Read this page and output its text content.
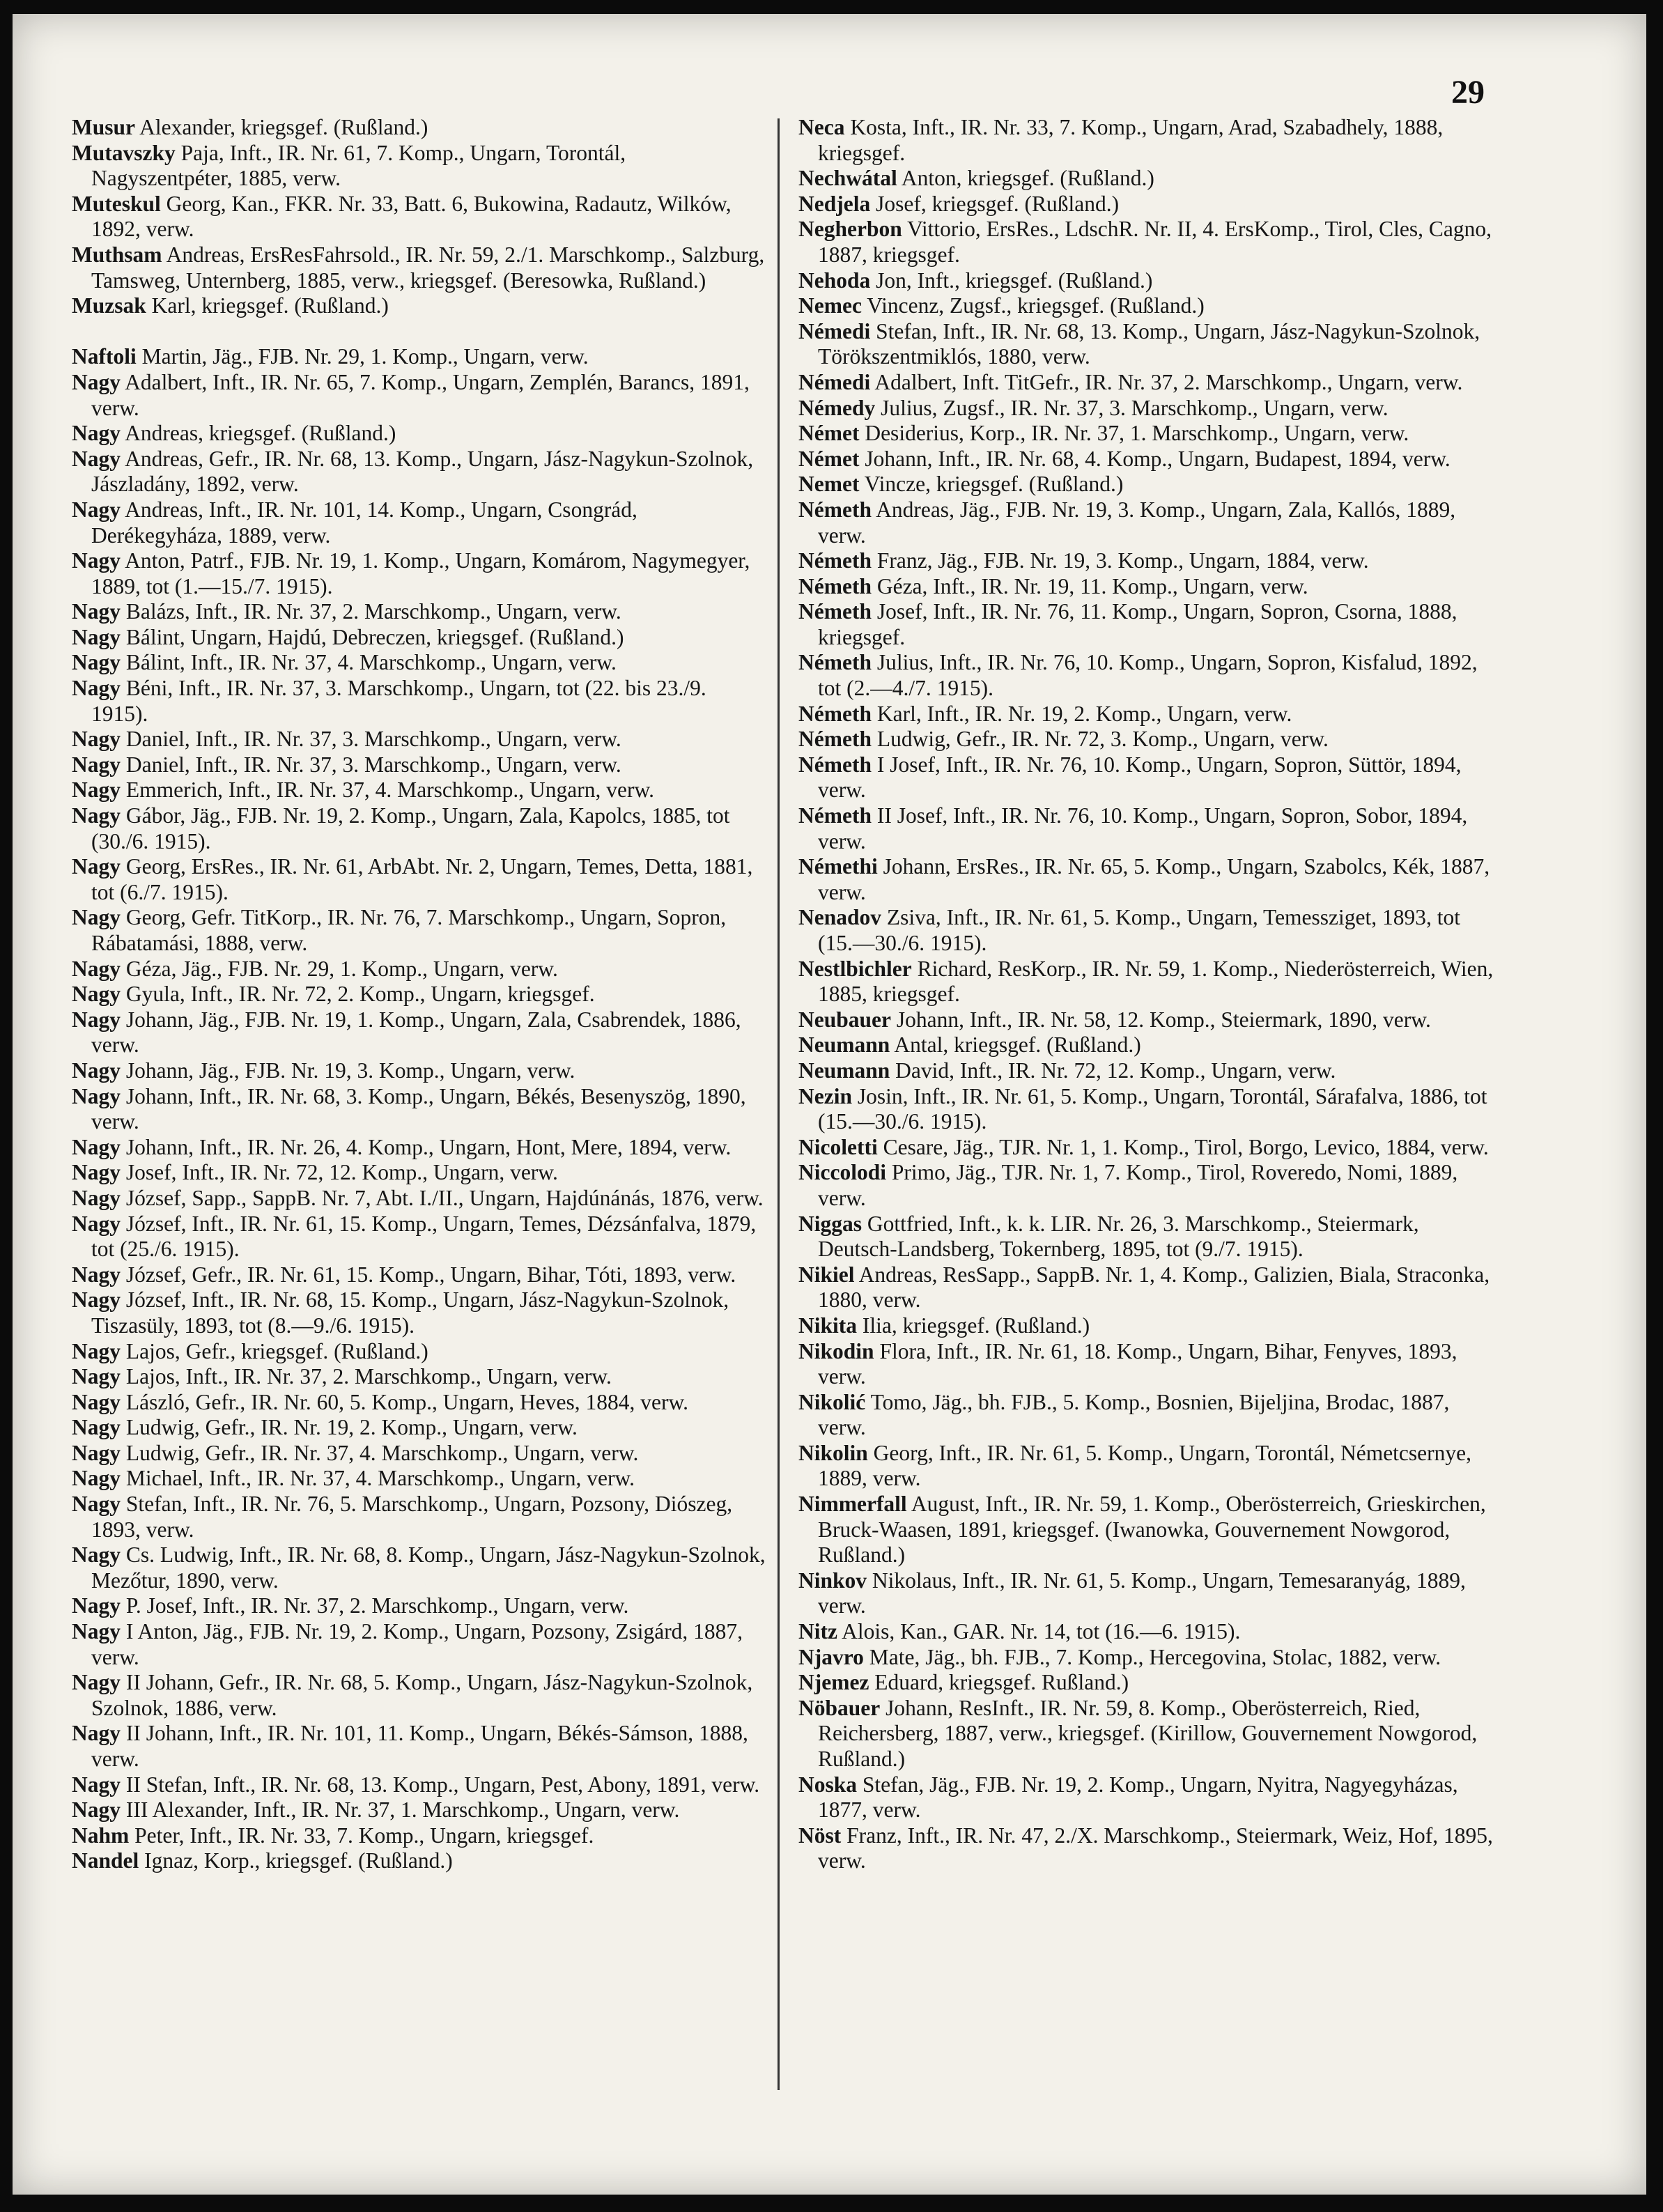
29

Musur Alexander, kriegsgef. (Rußland.)

Mutavszky Paja, Inft., IR. Nr. 61, 7. Komp., Ungarn, Torontál, Nagyszentpéter, 1885, verw.

Muteskul Georg, Kan., FKR. Nr. 33, Batt. 6, Bukowina, Radautz, Wilków, 1892, verw.

Muthsam Andreas, ErsResFahrsold., IR. Nr. 59, 2./1. Marschkomp., Salzburg, Tamsweg, Unternberg, 1885, verw., kriegsgef. (Beresowka, Rußland.)

Muzsak Karl, kriegsgef. (Rußland.)

Naftoli Martin, Jäg., FJB. Nr. 29, 1. Komp., Ungarn, verw.

Nagy Adalbert, Inft., IR. Nr. 65, 7. Komp., Ungarn, Zemplén, Barancs, 1891, verw.

Nagy Andreas, kriegsgef. (Rußland.)

Nagy Andreas, Gefr., IR. Nr. 68, 13. Komp., Ungarn, Jász-Nagykun-Szolnok, Jászladány, 1892, verw.

Nagy Andreas, Inft., IR. Nr. 101, 14. Komp., Ungarn, Csongrád, Derékegyháza, 1889, verw.

Nagy Anton, Patrf., FJB. Nr. 19, 1. Komp., Ungarn, Komárom, Nagymegyer, 1889, tot (1.—15./7. 1915).

Nagy Balázs, Inft., IR. Nr. 37, 2. Marschkomp., Ungarn, verw.

Nagy Bálint, Ungarn, Hajdú, Debreczen, kriegsgef. (Rußland.)

Nagy Bálint, Inft., IR. Nr. 37, 4. Marschkomp., Ungarn, verw.

Nagy Béni, Inft., IR. Nr. 37, 3. Marschkomp., Ungarn, tot (22. bis 23./9. 1915).

Nagy Daniel, Inft., IR. Nr. 37, 3. Marschkomp., Ungarn, verw.

Nagy Daniel, Inft., IR. Nr. 37, 3. Marschkomp., Ungarn, verw.

Nagy Emmerich, Inft., IR. Nr. 37, 4. Marschkomp., Ungarn, verw.

Nagy Gábor, Jäg., FJB. Nr. 19, 2. Komp., Ungarn, Zala, Kapolcs, 1885, tot (30./6. 1915).

Nagy Georg, ErsRes., IR. Nr. 61, ArbAbt. Nr. 2, Ungarn, Temes, Detta, 1881, tot (6./7. 1915).

Nagy Georg, Gefr. TitKorp., IR. Nr. 76, 7. Marschkomp., Ungarn, Sopron, Rábatamási, 1888, verw.

Nagy Géza, Jäg., FJB. Nr. 29, 1. Komp., Ungarn, verw.

Nagy Gyula, Inft., IR. Nr. 72, 2. Komp., Ungarn, kriegsgef.

Nagy Johann, Jäg., FJB. Nr. 19, 1. Komp., Ungarn, Zala, Csabrendek, 1886, verw.

Nagy Johann, Jäg., FJB. Nr. 19, 3. Komp., Ungarn, verw.

Nagy Johann, Inft., IR. Nr. 68, 3. Komp., Ungarn, Békés, Besenyszög, 1890, verw.

Nagy Johann, Inft., IR. Nr. 26, 4. Komp., Ungarn, Hont, Mere, 1894, verw.

Nagy Josef, Inft., IR. Nr. 72, 12. Komp., Ungarn, verw.

Nagy József, Sapp., SappB. Nr. 7, Abt. I./II., Ungarn, Hajdúnánás, 1876, verw.

Nagy József, Inft., IR. Nr. 61, 15. Komp., Ungarn, Temes, Dézsánfalva, 1879, tot (25./6. 1915).

Nagy József, Gefr., IR. Nr. 61, 15. Komp., Ungarn, Bihar, Tóti, 1893, verw.

Nagy József, Inft., IR. Nr. 68, 15. Komp., Ungarn, Jász-Nagykun-Szolnok, Tiszasüly, 1893, tot (8.—9./6. 1915).

Nagy Lajos, Gefr., kriegsgef. (Rußland.)

Nagy Lajos, Inft., IR. Nr. 37, 2. Marschkomp., Ungarn, verw.

Nagy László, Gefr., IR. Nr. 60, 5. Komp., Ungarn, Heves, 1884, verw.

Nagy Ludwig, Gefr., IR. Nr. 19, 2. Komp., Ungarn, verw.

Nagy Ludwig, Gefr., IR. Nr. 37, 4. Marschkomp., Ungarn, verw.

Nagy Michael, Inft., IR. Nr. 37, 4. Marschkomp., Ungarn, verw.

Nagy Stefan, Inft., IR. Nr. 76, 5. Marschkomp., Ungarn, Pozsony, Diószeg, 1893, verw.

Nagy Cs. Ludwig, Inft., IR. Nr. 68, 8. Komp., Ungarn, Jász-Nagykun-Szolnok, Mezőtur, 1890, verw.

Nagy P. Josef, Inft., IR. Nr. 37, 2. Marschkomp., Ungarn, verw.

Nagy I Anton, Jäg., FJB. Nr. 19, 2. Komp., Ungarn, Pozsony, Zsigárd, 1887, verw.

Nagy II Johann, Gefr., IR. Nr. 68, 5. Komp., Ungarn, Jász-Nagykun-Szolnok, Szolnok, 1886, verw.

Nagy II Johann, Inft., IR. Nr. 101, 11. Komp., Ungarn, Békés-Sámson, 1888, verw.

Nagy II Stefan, Inft., IR. Nr. 68, 13. Komp., Ungarn, Pest, Abony, 1891, verw.

Nagy III Alexander, Inft., IR. Nr. 37, 1. Marschkomp., Ungarn, verw.

Nahm Peter, Inft., IR. Nr. 33, 7. Komp., Ungarn, kriegsgef.

Nandel Ignaz, Korp., kriegsgef. (Rußland.)

Neca Kosta, Inft., IR. Nr. 33, 7. Komp., Ungarn, Arad, Szabadhely, 1888, kriegsgef.

Nechwátal Anton, kriegsgef. (Rußland.)

Nedjela Josef, kriegsgef. (Rußland.)

Negherbon Vittorio, ErsRes., LdschR. Nr. II, 4. ErsKomp., Tirol, Cles, Cagno, 1887, kriegsgef.

Nehoda Jon, Inft., kriegsgef. (Rußland.)

Nemec Vincenz, Zugsf., kriegsgef. (Rußland.)

Némedi Stefan, Inft., IR. Nr. 68, 13. Komp., Ungarn, Jász-Nagykun-Szolnok, Törökszentmiklós, 1880, verw.

Némedi Adalbert, Inft. TitGefr., IR. Nr. 37, 2. Marschkomp., Ungarn, verw.

Némedy Julius, Zugsf., IR. Nr. 37, 3. Marschkomp., Ungarn, verw.

Német Desiderius, Korp., IR. Nr. 37, 1. Marschkomp., Ungarn, verw.

Német Johann, Inft., IR. Nr. 68, 4. Komp., Ungarn, Budapest, 1894, verw.

Nemet Vincze, kriegsgef. (Rußland.)

Németh Andreas, Jäg., FJB. Nr. 19, 3. Komp., Ungarn, Zala, Kallós, 1889, verw.

Németh Franz, Jäg., FJB. Nr. 19, 3. Komp., Ungarn, 1884, verw.

Németh Géza, Inft., IR. Nr. 19, 11. Komp., Ungarn, verw.

Németh Josef, Inft., IR. Nr. 76, 11. Komp., Ungarn, Sopron, Csorna, 1888, kriegsgef.

Németh Julius, Inft., IR. Nr. 76, 10. Komp., Ungarn, Sopron, Kisfalud, 1892, tot (2.—4./7. 1915).

Németh Karl, Inft., IR. Nr. 19, 2. Komp., Ungarn, verw.

Németh Ludwig, Gefr., IR. Nr. 72, 3. Komp., Ungarn, verw.

Németh I Josef, Inft., IR. Nr. 76, 10. Komp., Ungarn, Sopron, Süttör, 1894, verw.

Németh II Josef, Inft., IR. Nr. 76, 10. Komp., Ungarn, Sopron, Sobor, 1894, verw.

Némethi Johann, ErsRes., IR. Nr. 65, 5. Komp., Ungarn, Szabolcs, Kék, 1887, verw.

Nenadov Zsiva, Inft., IR. Nr. 61, 5. Komp., Ungarn, Temessziget, 1893, tot (15.—30./6. 1915).

Nestlbichler Richard, ResKorp., IR. Nr. 59, 1. Komp., Niederösterreich, Wien, 1885, kriegsgef.

Neubauer Johann, Inft., IR. Nr. 58, 12. Komp., Steiermark, 1890, verw.

Neumann Antal, kriegsgef. (Rußland.)

Neumann David, Inft., IR. Nr. 72, 12. Komp., Ungarn, verw.

Nezin Josin, Inft., IR. Nr. 61, 5. Komp., Ungarn, Torontál, Sárafalva, 1886, tot (15.—30./6. 1915).

Nicoletti Cesare, Jäg., TJR. Nr. 1, 1. Komp., Tirol, Borgo, Levico, 1884, verw.

Niccolodi Primo, Jäg., TJR. Nr. 1, 7. Komp., Tirol, Roveredo, Nomi, 1889, verw.

Niggas Gottfried, Inft., k. k. LIR. Nr. 26, 3. Marschkomp., Steiermark, Deutsch-Landsberg, Tokernberg, 1895, tot (9./7. 1915).

Nikiel Andreas, ResSapp., SappB. Nr. 1, 4. Komp., Galizien, Biala, Straconka, 1880, verw.

Nikita Ilia, kriegsgef. (Rußland.)

Nikodin Flora, Inft., IR. Nr. 61, 18. Komp., Ungarn, Bihar, Fenyves, 1893, verw.

Nikolić Tomo, Jäg., bh. FJB., 5. Komp., Bosnien, Bijeljina, Brodac, 1887, verw.

Nikolin Georg, Inft., IR. Nr. 61, 5. Komp., Ungarn, Torontál, Németcsernye, 1889, verw.

Nimmerfall August, Inft., IR. Nr. 59, 1. Komp., Oberösterreich, Grieskirchen, Bruck-Waasen, 1891, kriegsgef. (Iwanowka, Gouvernement Nowgorod, Rußland.)

Ninkov Nikolaus, Inft., IR. Nr. 61, 5. Komp., Ungarn, Temesaranyág, 1889, verw.

Nitz Alois, Kan., GAR. Nr. 14, tot (16.—6. 1915).

Njavro Mate, Jäg., bh. FJB., 7. Komp., Hercegovina, Stolac, 1882, verw.

Njemez Eduard, kriegsgef. Rußland.)

Nöbauer Johann, ResInft., IR. Nr. 59, 8. Komp., Oberösterreich, Ried, Reichersberg, 1887, verw., kriegsgef. (Kirillow, Gouvernement Nowgorod, Rußland.)

Noska Stefan, Jäg., FJB. Nr. 19, 2. Komp., Ungarn, Nyitra, Nagyegyházas, 1877, verw.

Nöst Franz, Inft., IR. Nr. 47, 2./X. Marschkomp., Steiermark, Weiz, Hof, 1895, verw.
